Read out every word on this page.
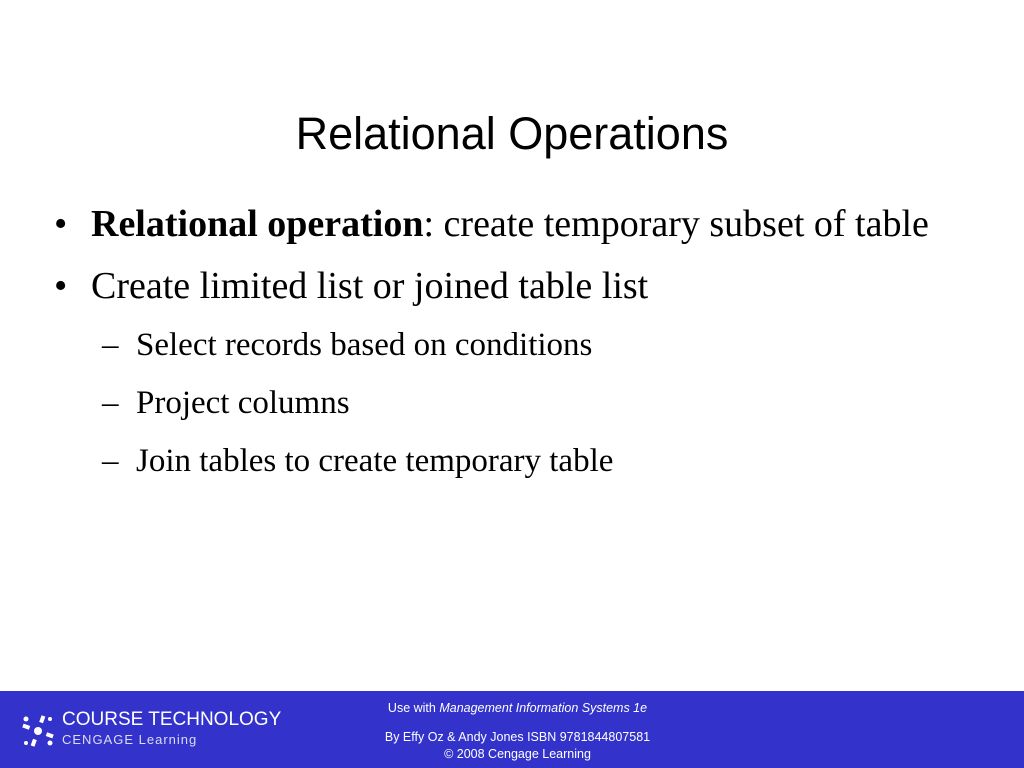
Relational Operations
• Relational operation: create temporary subset of table
• Create limited list or joined table list
– Select records based on conditions
– Project columns
– Join tables to create temporary table
COURSE TECHNOLOGY
CENGAGE Learning
Use with Management Information Systems 1e
By Effy Oz & Andy Jones ISBN 9781844807581
© 2008 Cengage Learning
